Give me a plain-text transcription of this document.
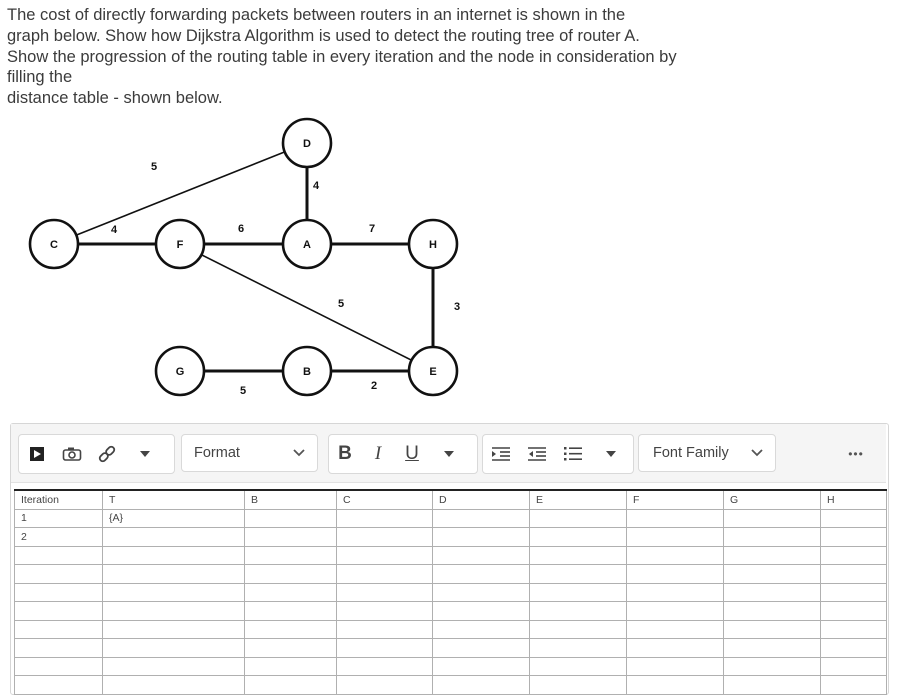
The cost of directly forwarding packets between routers in an internet is shown in the

graph below. Show how Dijkstra Algorithm is used to detect the routing tree of router A.

Show the progression of the routing table in every iteration and the node in consideration by

filling the

distance table - shown below.

5
4
4	6	7
5	3
5	2
D
C	F	A	H
G	B	E
Format	B	I	U	Font Family	•••
Iteration	T	B	C	D	E	F	G	H
1	{A}							
2								
